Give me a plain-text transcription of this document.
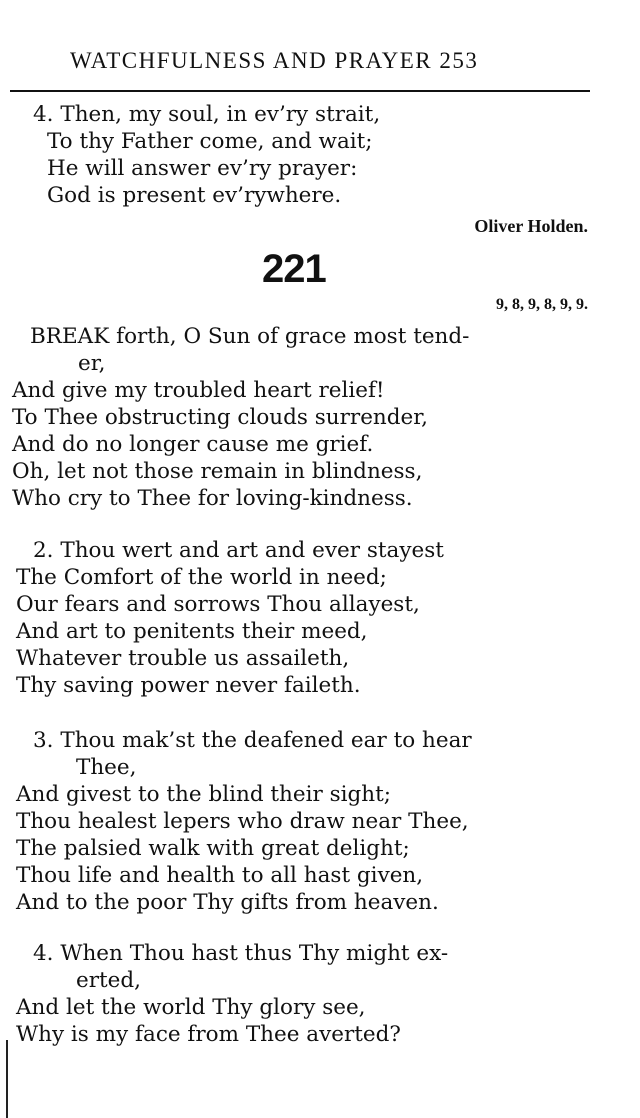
WATCHFULNESS AND PRAYER 253
4. Then, my soul, in ev’ry strait,
To thy Father come, and wait;
He will answer ev’ry prayer:
God is present ev’rywhere.
Oliver Holden.
221
9, 8, 9, 8, 9, 9.
BREAK forth, O Sun of grace most tend-
er,
And give my troubled heart relief!
To Thee obstructing clouds surrender,
And do no longer cause me grief.
Oh, let not those remain in blindness,
Who cry to Thee for loving-kindness.
2. Thou wert and art and ever stayest
The Comfort of the world in need;
Our fears and sorrows Thou allayest,
And art to penitents their meed,
Whatever trouble us assaileth,
Thy saving power never faileth.
3. Thou mak’st the deafened ear to hear
Thee,
And givest to the blind their sight;
Thou healest lepers who draw near Thee,
The palsied walk with great delight;
Thou life and health to all hast given,
And to the poor Thy gifts from heaven.
4. When Thou hast thus Thy might ex-
erted,
And let the world Thy glory see,
Why is my face from Thee averted?
